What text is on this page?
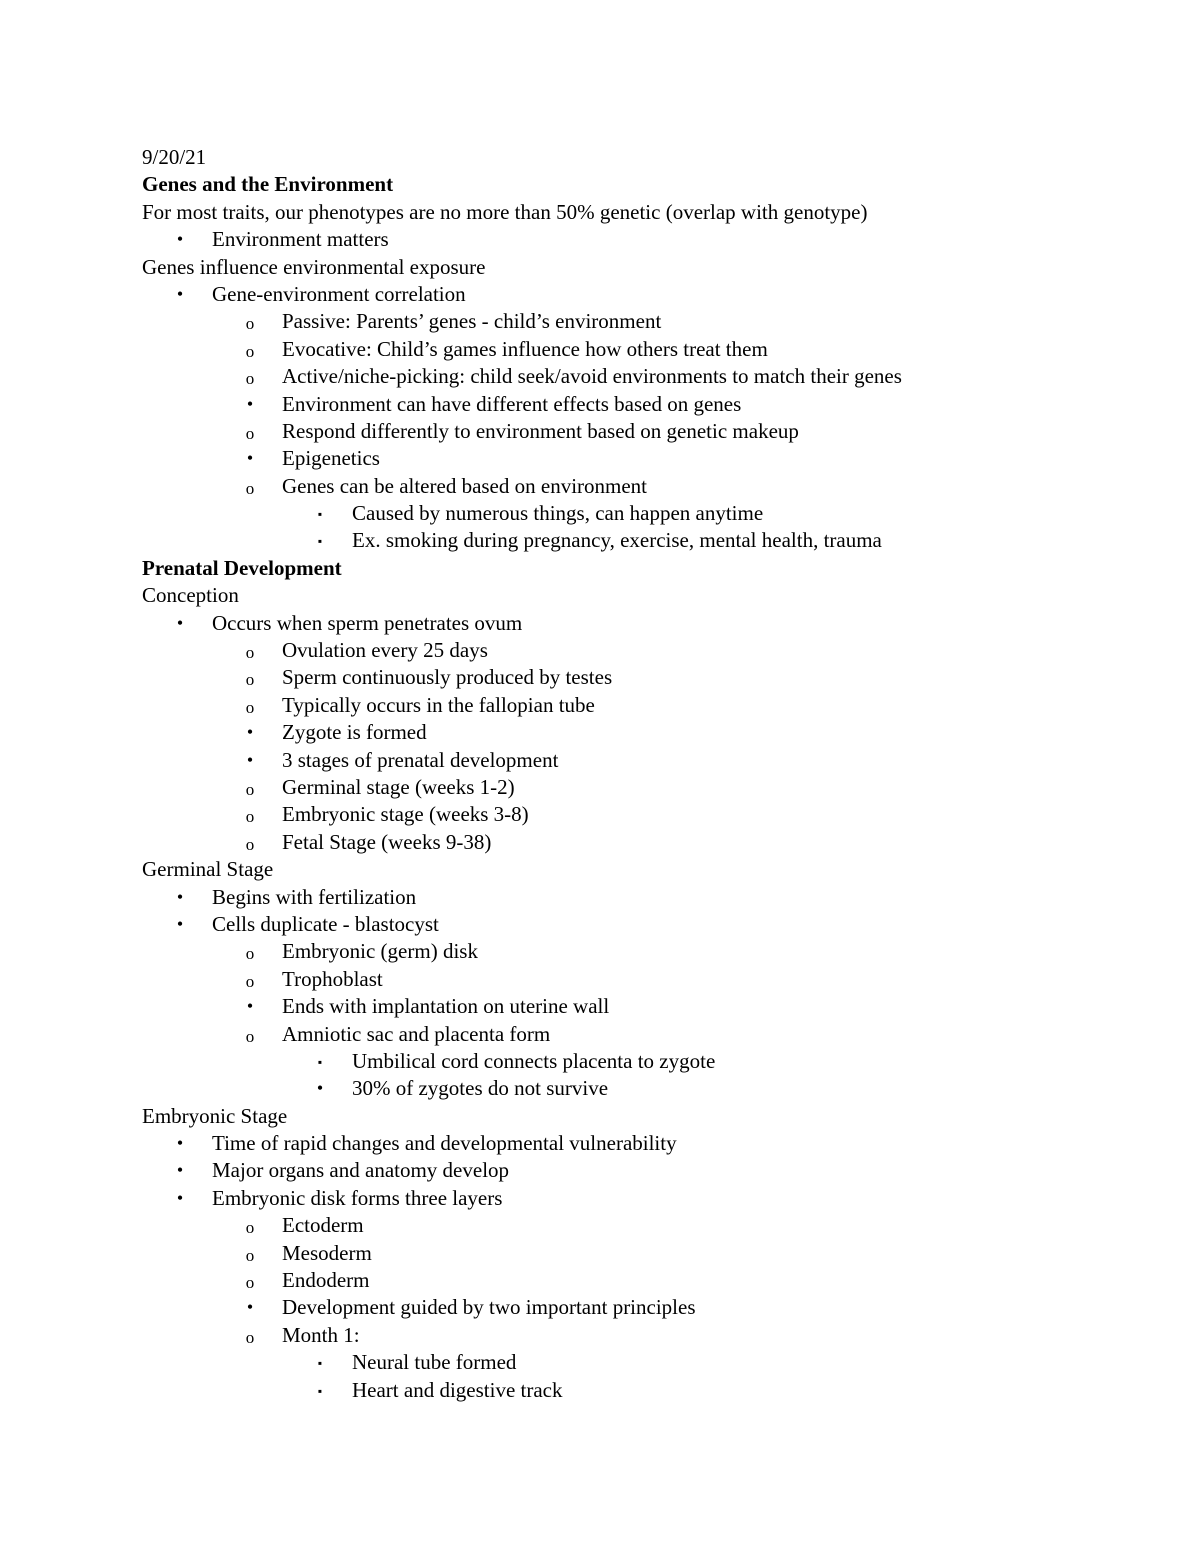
9/20/21
Genes and the Environment
For most traits, our phenotypes are no more than 50% genetic (overlap with genotype)
•	Environment matters
Genes influence environmental exposure
•	Gene-environment correlation
o Passive: Parents’ genes - child’s environment
o Evocative: Child’s games influence how others treat them
o Active/niche-picking: child seek/avoid environments to match their genes
•	Environment can have different effects based on genes
o Respond differently to environment based on genetic makeup
•	Epigenetics
o Genes can be altered based on environment
▪	Caused by numerous things, can happen anytime
▪	Ex. smoking during pregnancy, exercise, mental health, trauma
Prenatal Development
Conception
•	Occurs when sperm penetrates ovum
o Ovulation every 25 days
o Sperm continuously produced by testes
o Typically occurs in the fallopian tube
•	Zygote is formed
•	3 stages of prenatal development
o Germinal stage (weeks 1-2)
o Embryonic stage (weeks 3-8)
o Fetal Stage (weeks 9-38)
Germinal Stage
•	Begins with fertilization
•	Cells duplicate - blastocyst
o Embryonic (germ) disk
o Trophoblast
•	Ends with implantation on uterine wall
o Amniotic sac and placenta form
▪	Umbilical cord connects placenta to zygote
•	30% of zygotes do not survive
Embryonic Stage
•	Time of rapid changes and developmental vulnerability
•	Major organs and anatomy develop
•	Embryonic disk forms three layers
o Ectoderm
o Mesoderm
o Endoderm
•	Development guided by two important principles
o Month 1:
▪	Neural tube formed
▪	Heart and digestive track
